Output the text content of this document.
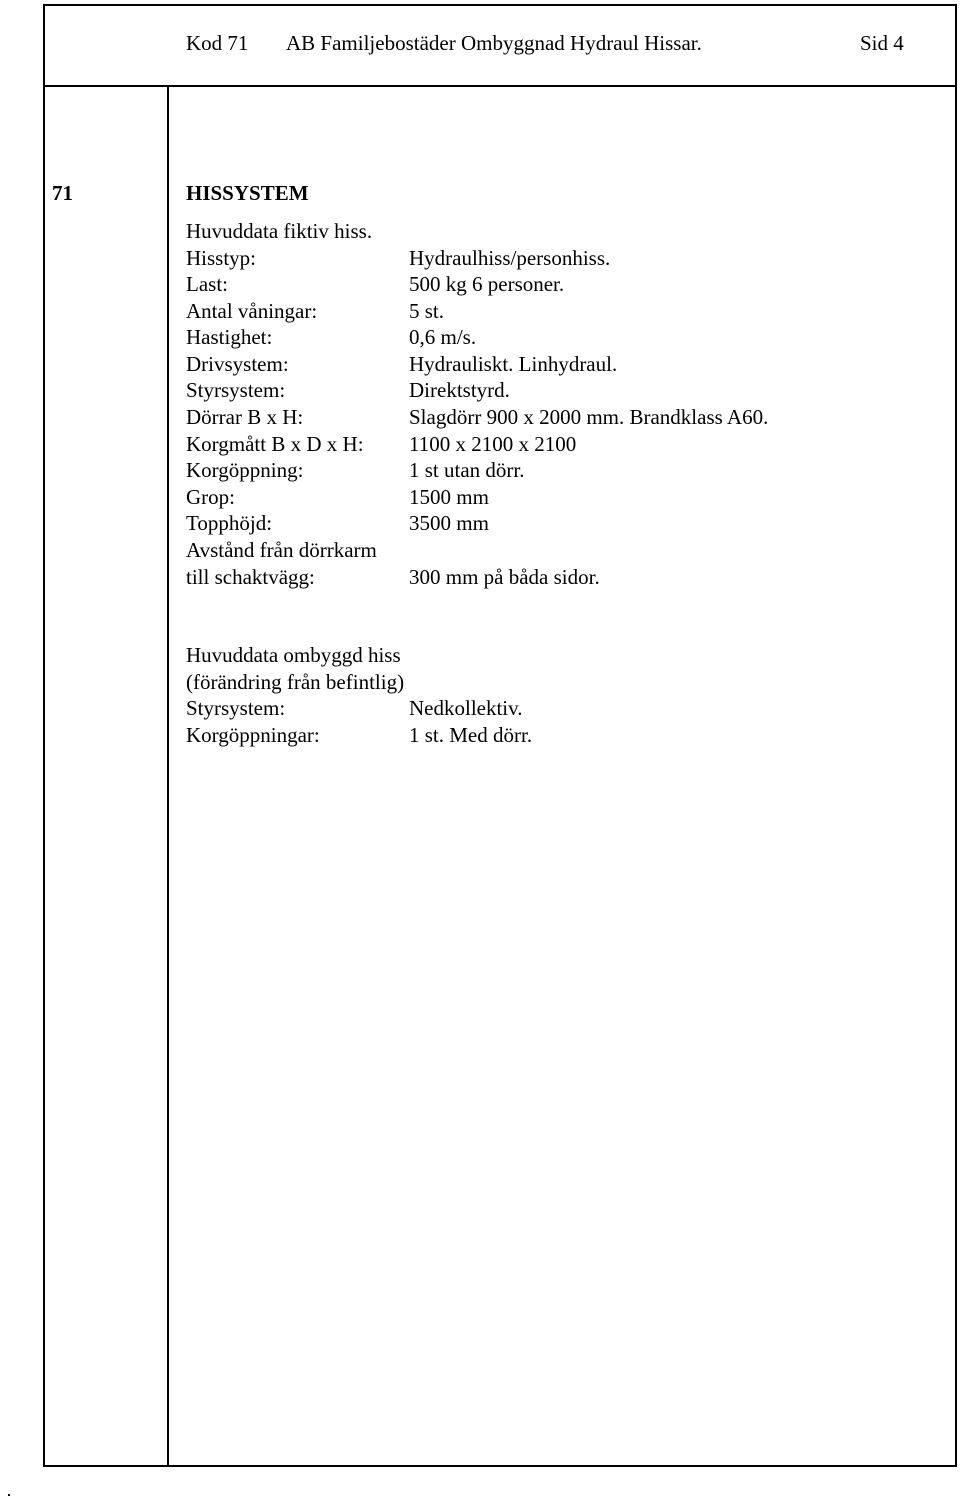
Kod 71 AB Familjebostäder Ombyggnad Hydraul Hissar.	Sid 4
71	HISSYSTEM
Huvuddata fiktiv hiss.
Hisstyp:	Hydraulhiss/personhiss.
Last:	500 kg 6 personer.
Antal våningar:	5 st.
Hastighet:	0,6 m/s.
Drivsystem:	Hydrauliskt. Linhydraul.
Styrsystem:	Direktstyrd.
Dörrar B x H:	Slagdörr 900 x 2000 mm. Brandklass A60.
Korgmått B x D x H: 1100 x 2100 x 2100
Korgöppning:	1 st utan dörr.
Grop:	1500 mm
Topphöjd:	3500 mm
Avstånd från dörrkarm
till schaktvägg:	300 mm på båda sidor.
Huvuddata ombyggd hiss
(förändring från befintlig)
Styrsystem:	Nedkollektiv.
Korgöppningar:	1 st. Med dörr.
